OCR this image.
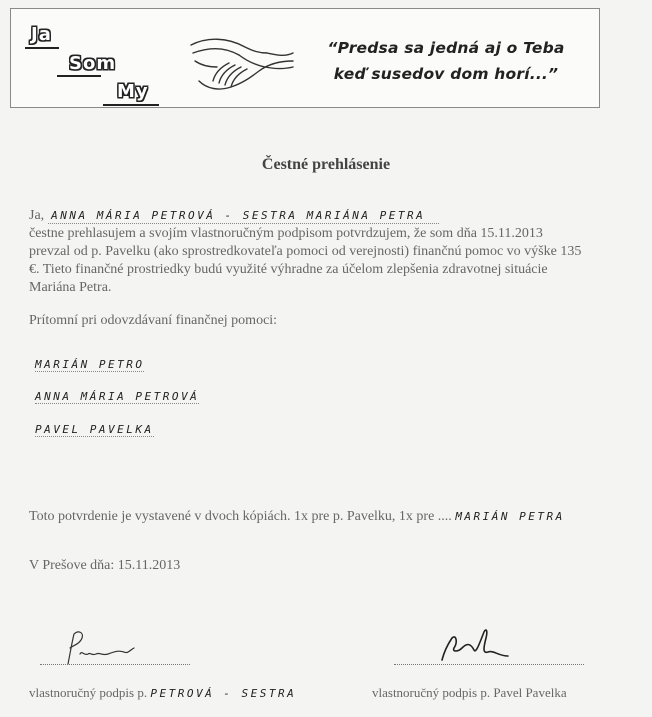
Ja
Som
My
“Predsa sa jedná aj o Teba
keď susedov dom horí...”
Čestné prehlásenie
Ja, ANNA MÁRIA PETROVÁ - SESTRA MARIÁNA PETRA
čestne prehlasujem a svojím vlastnoručným podpisom potvrdzujem, že som dňa 15.11.2013
prevzal od p. Pavelku (ako sprostredkovateľa pomoci od verejnosti) finančnú pomoc vo výške 135
€. Tieto finančné prostriedky budú využité výhradne za účelom zlepšenia zdravotnej situácie
Mariána Petra.
Prítomní pri odovzdávaní finančnej pomoci:
MARIÁN PETRO
ANNA MÁRIA PETROVÁ
PAVEL PAVELKA
Toto potvrdenie je vystavené v dvoch kópiách. 1x pre p. Pavelku, 1x pre .... MARIÁN PETRA
V Prešove dňa: 15.11.2013
vlastnoručný podpis p. PETROVÁ - SESTRA	vlastnoručný podpis p. Pavel Pavelka
